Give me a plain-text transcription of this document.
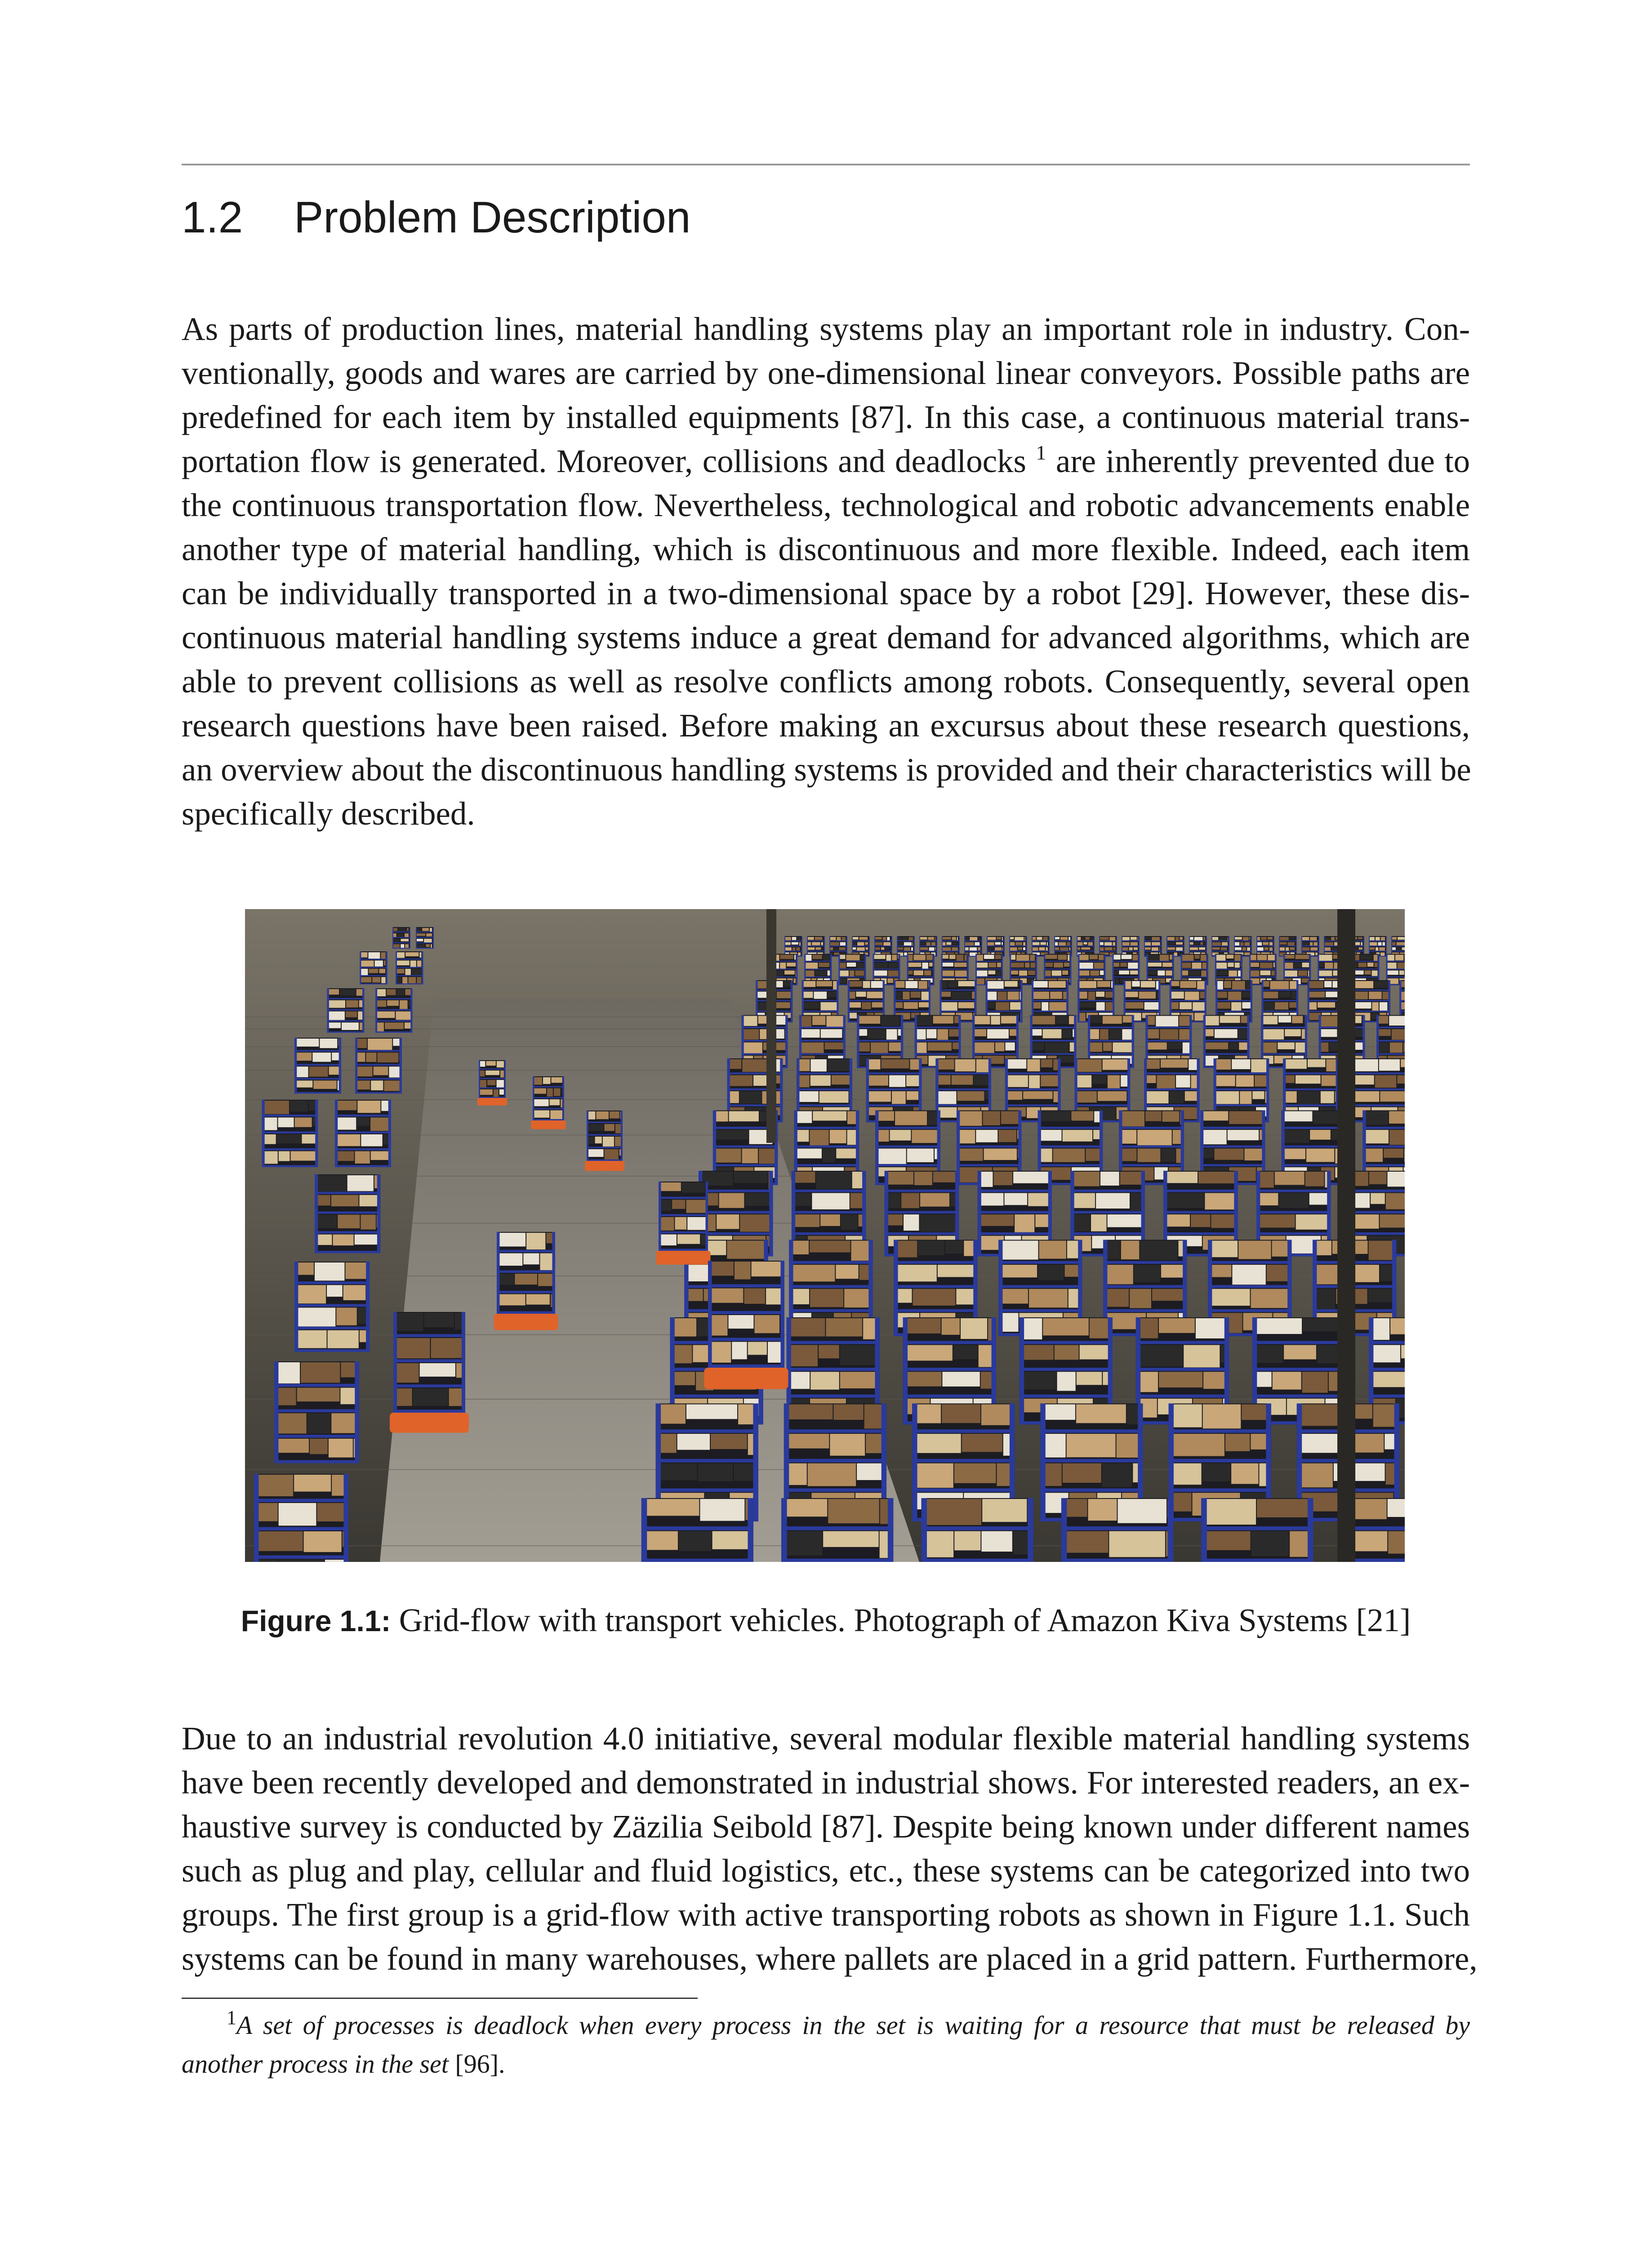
1.2 Problem Description
As parts of production lines, material handling systems play an important role in industry. Con-
ventionally, goods and wares are carried by one-dimensional linear conveyors. Possible paths are
predefined for each item by installed equipments [87]. In this case, a continuous material trans-
portation flow is generated. Moreover, collisions and deadlocks $^1$ are inherently prevented due to
the continuous transportation flow. Nevertheless, technological and robotic advancements enable
another type of material handling, which is discontinuous and more flexible. Indeed, each item
can be individually transported in a two-dimensional space by a robot [29]. However, these dis-
continuous material handling systems induce a great demand for advanced algorithms, which are
able to prevent collisions as well as resolve conflicts among robots. Consequently, several open
research questions have been raised. Before making an excursus about these research questions,
an overview about the discontinuous handling systems is provided and their characteristics will be
specifically described.
Figure 1.1: Grid-flow with transport vehicles. Photograph of Amazon Kiva Systems [21]
Due to an industrial revolution 4.0 initiative, several modular flexible material handling systems
have been recently developed and demonstrated in industrial shows. For interested readers, an ex-
haustive survey is conducted by Zäzilia Seibold [87]. Despite being known under different names
such as plug and play, cellular and fluid logistics, etc., these systems can be categorized into two
groups. The first group is a grid-flow with active transporting robots as shown in Figure 1.1. Such
systems can be found in many warehouses, where pallets are placed in a grid pattern. Furthermore,
$^1$A set of processes is deadlock when every process in the set is waiting for a resource that must be released by
another process in the set [96].
